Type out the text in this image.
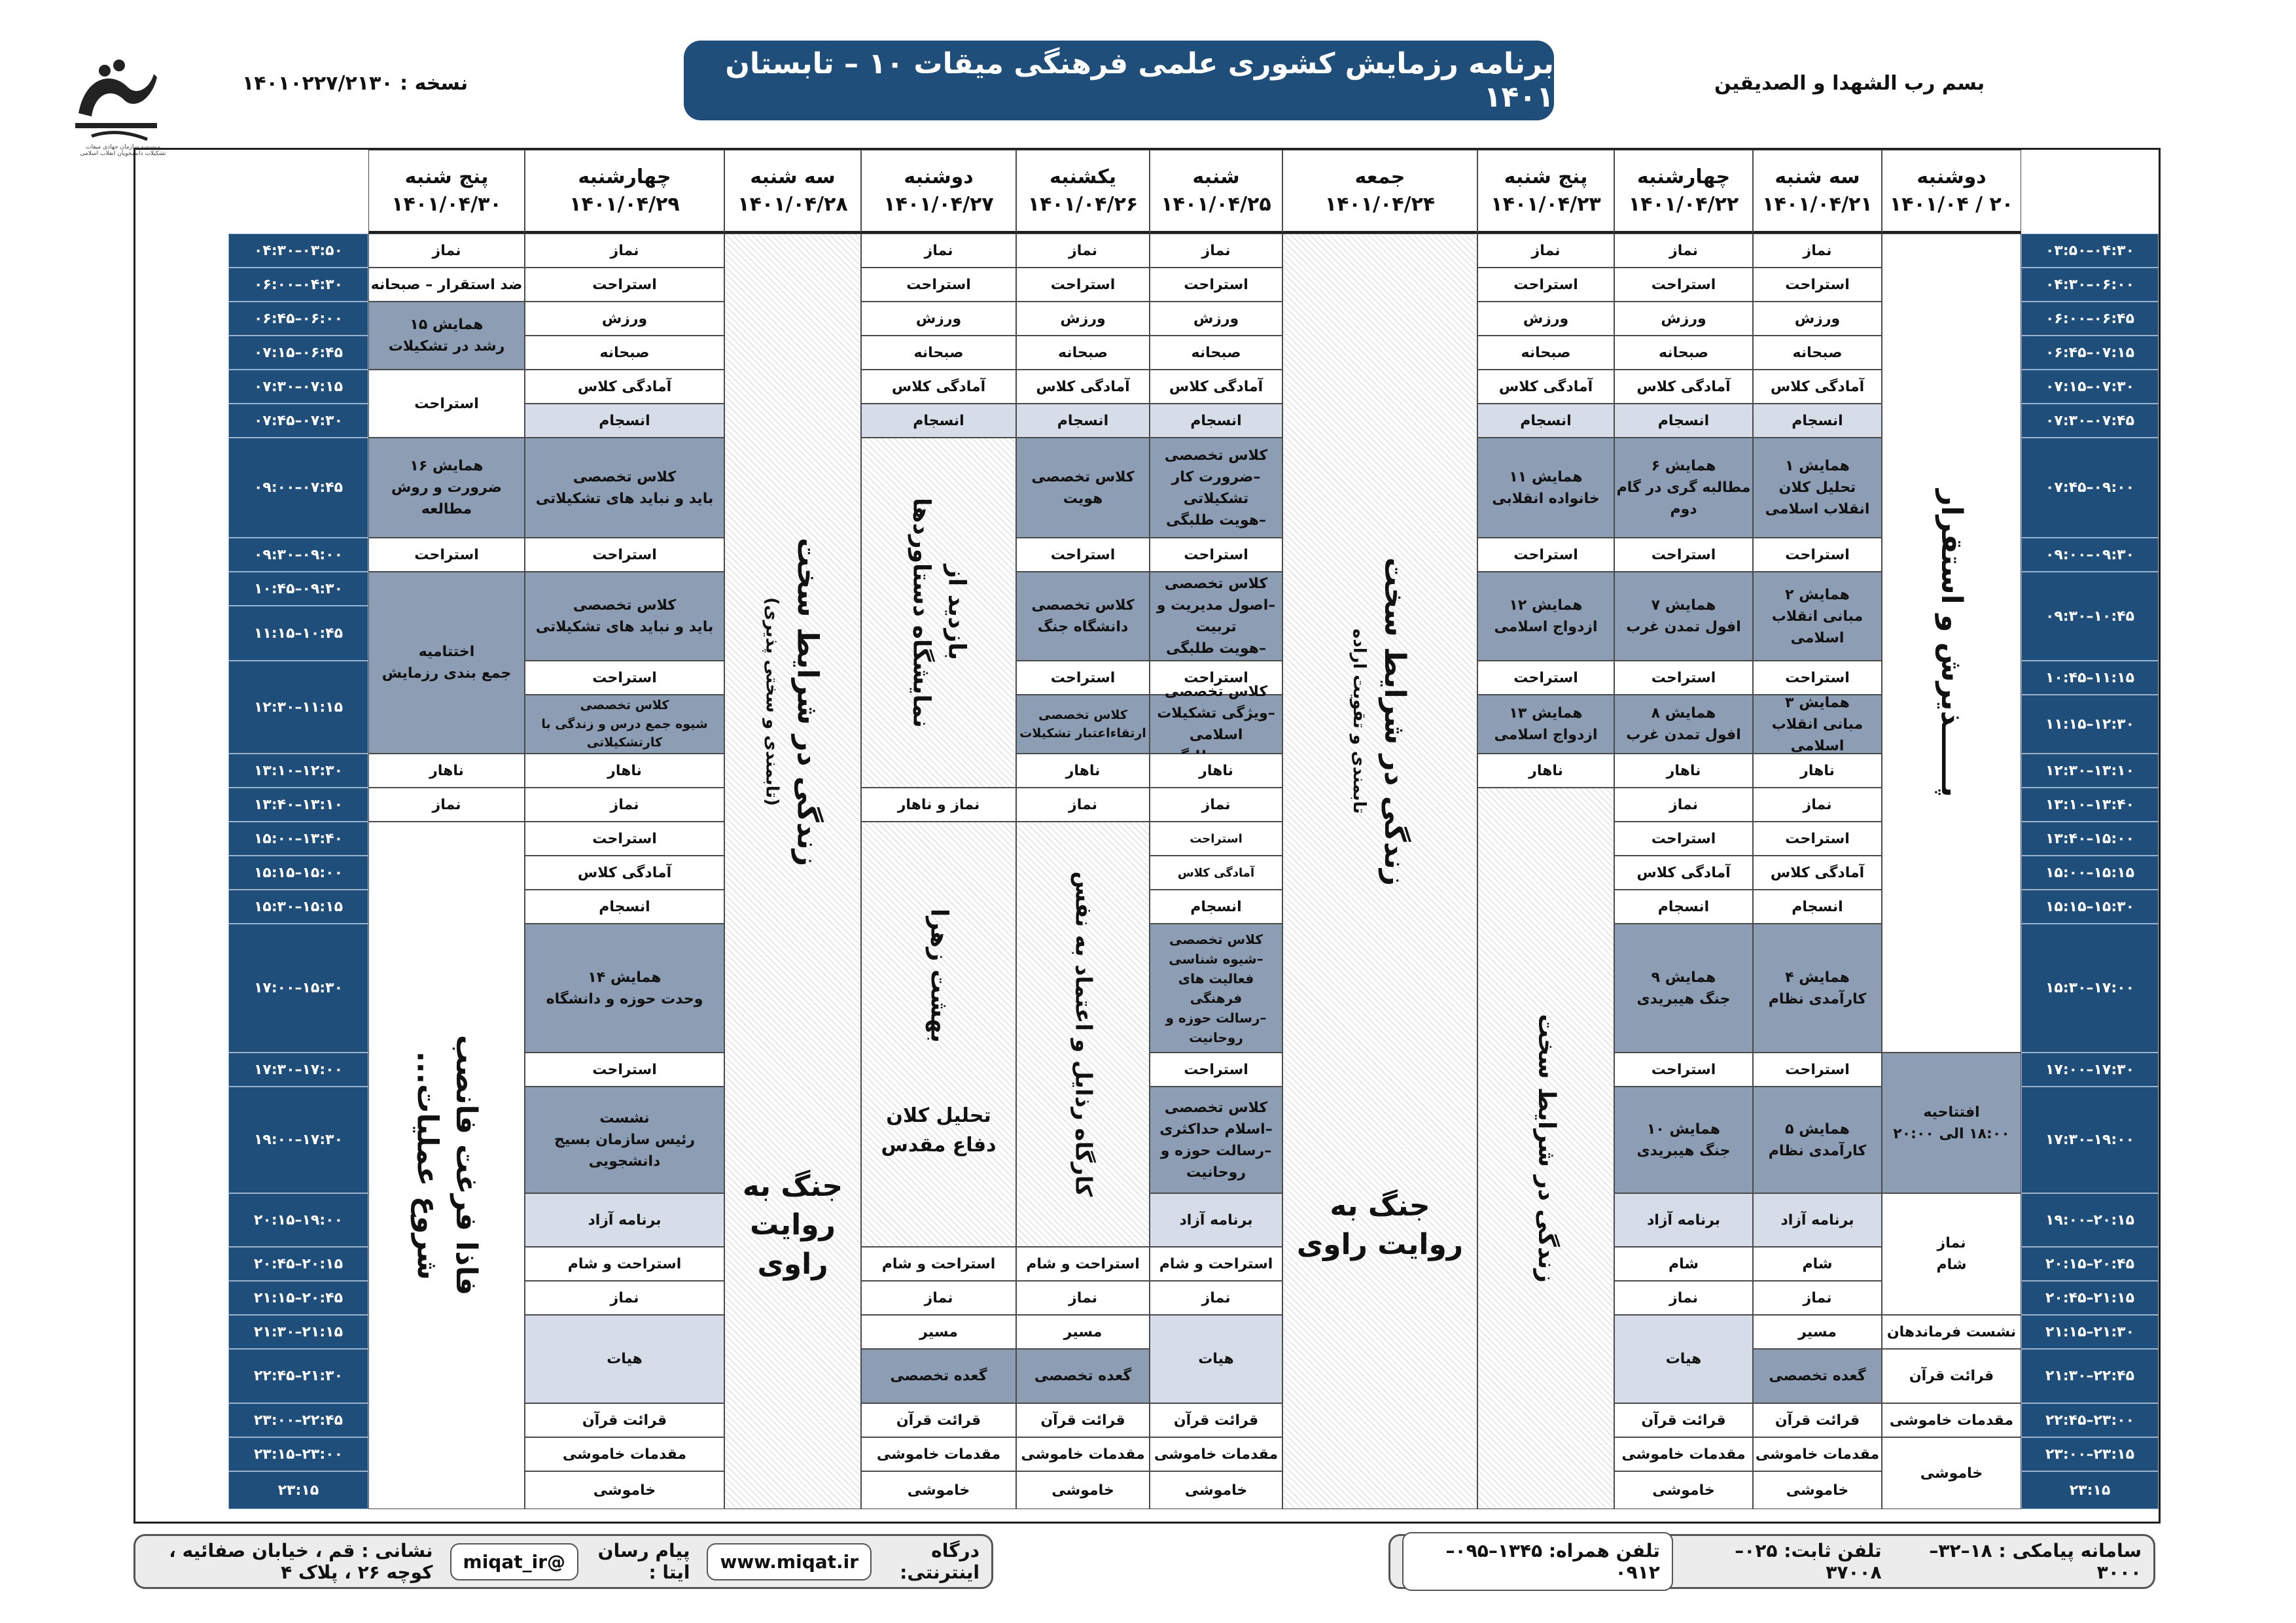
بسم رب الشهدا و الصدیقین
نسخه : ۱۴۰۱۰۲۲۷/۲۱۳۰
برنامه رزمایش کشوری علمی فرهنگی میقات ۱۰ – تابستان ۱۴۰۱
موسسه سازمان جهادی میقات
تشکیلات دانشجویان انقلاب اسلامی
دوشنبه
۲۰ / ۱۴۰۱/۰۴
سه شنبه
۱۴۰۱/۰۴/۲۱
چهارشنبه
۱۴۰۱/۰۴/۲۲
پنج شنبه
۱۴۰۱/۰۴/۲۳
جمعه
۱۴۰۱/۰۴/۲۴
شنبه
۱۴۰۱/۰۴/۲۵
یکشنبه
۱۴۰۱/۰۴/۲۶
دوشنبه
۱۴۰۱/۰۴/۲۷
سه شنبه
۱۴۰۱/۰۴/۲۸
چهارشنبه
۱۴۰۱/۰۴/۲۹
پنج شنبه
۱۴۰۱/۰۴/۳۰
۰۴:۳۰–۰۳:۵۰
۰۶:۰۰–۰۴:۳۰
۰۶:۴۵–۰۶:۰۰
۰۷:۱۵–۰۶:۴۵
۰۷:۳۰–۰۷:۱۵
۰۷:۴۵–۰۷:۳۰
۰۹:۰۰–۰۷:۴۵
۰۹:۳۰–۰۹:۰۰
۱۰:۴۵–۰۹:۳۰
۱۱:۱۵–۱۰:۴۵
۱۲:۳۰–۱۱:۱۵
۱۳:۱۰–۱۲:۳۰
۱۳:۴۰–۱۳:۱۰
۱۵:۰۰–۱۳:۴۰
۱۵:۱۵–۱۵:۰۰
۱۵:۳۰–۱۵:۱۵
۱۷:۰۰–۱۵:۳۰
۱۷:۳۰–۱۷:۰۰
۱۹:۰۰–۱۷:۳۰
۲۰:۱۵–۱۹:۰۰
۲۰:۴۵–۲۰:۱۵
۲۱:۱۵–۲۰:۴۵
۲۱:۳۰–۲۱:۱۵
۲۲:۴۵–۲۱:۳۰
۲۳:۰۰–۲۲:۴۵
۲۳:۱۵–۲۳:۰۰
۲۳:۱۵
۰۳:۵۰–۰۴:۳۰
۰۴:۳۰–۰۶:۰۰
۰۶:۰۰–۰۶:۴۵
۰۶:۴۵–۰۷:۱۵
۰۷:۱۵–۰۷:۳۰
۰۷:۳۰–۰۷:۴۵
۰۷:۴۵–۰۹:۰۰
۰۹:۰۰–۰۹:۳۰
۰۹:۳۰–۱۰:۴۵
۱۰:۴۵–۱۱:۱۵
۱۱:۱۵–۱۲:۳۰
۱۲:۳۰–۱۳:۱۰
۱۳:۱۰–۱۳:۴۰
۱۳:۴۰–۱۵:۰۰
۱۵:۰۰–۱۵:۱۵
۱۵:۱۵–۱۵:۳۰
۱۵:۳۰–۱۷:۰۰
۱۷:۰۰–۱۷:۳۰
۱۷:۳۰–۱۹:۰۰
۱۹:۰۰–۲۰:۱۵
۲۰:۱۵–۲۰:۴۵
۲۰:۴۵–۲۱:۱۵
۲۱:۱۵–۲۱:۳۰
۲۱:۳۰–۲۲:۴۵
۲۲:۴۵–۲۳:۰۰
۲۳:۰۰–۲۳:۱۵
۲۳:۱۵
پــــــذیرش و استقرار
افتتاحیه
۱۸:۰۰ الی ۲۰:۰۰
نماز
شام
نشست فرماندهان
قرائت قرآن
مقدمات خاموشی
خاموشی
نماز
استراحت
ورزش
صبحانه
آمادگی کلاس
انسجام
همایش ۱
تحلیل کلان انقلاب اسلامی
استراحت
همایش ۲
مبانی انقلاب اسلامی
استراحت
همایش ۳
مبانی انقلاب اسلامی
ناهار
نماز
استراحت
آمادگی کلاس
انسجام
همایش ۴
کارآمدی نظام
استراحت
همایش ۵
کارآمدی نظام
برنامه آزاد
شام
نماز
مسیر
گعده تخصصی
قرائت قرآن
مقدمات خاموشی
خاموشی
نماز
استراحت
ورزش
صبحانه
آمادگی کلاس
انسجام
همایش ۶
مطالبه گری در گام دوم
استراحت
همایش ۷
افول تمدن غرب
استراحت
همایش ۸
افول تمدن غرب
ناهار
نماز
استراحت
آمادگی کلاس
انسجام
همایش ۹
جنگ هیبریدی
استراحت
همایش ۱۰
جنگ هیبریدی
برنامه آزاد
شام
نماز
هیات
قرائت قرآن
مقدمات خاموشی
خاموشی
نماز
استراحت
ورزش
صبحانه
آمادگی کلاس
انسجام
همایش ۱۱
خانواده انقلابی
استراحت
همایش ۱۲
ازدواج اسلامی
استراحت
همایش ۱۳
ازدواج اسلامی
ناهار
زندگی در شرایط سخت
زندگی در شرایط سخت
تابمندی و تقویت اراده
جنگ به
روایت راوی
نماز
استراحت
ورزش
صبحانه
آمادگی کلاس
انسجام
کلاس تخصصی
–ضرورت کار تشکیلاتی
–هویت طلبگی
استراحت
کلاس تخصصی
–اصول مدیریت و تربیت
–هویت طلبگی
استراحت

–ویژگی تشکیلات اسلامی

ناهار
نماز
استراحت
آمادگی کلاس
انسجام
کلاس تخصصی
–شیوه شناسی فعالیت های فرهنگی
–رسالت حوزه و روحانیت
استراحت
کلاس تخصصی
–اسلام حداکثری
–رسالت حوزه و روحانیت
برنامه آزاد
استراحت و شام
نماز
هیات
قرائت قرآن
مقدمات خاموشی
خاموشی
نماز
استراحت
ورزش
صبحانه
آمادگی کلاس
انسجام
کلاس تخصصی
هویت
استراحت
کلاس تخصصی
دانشگاه جنگ
استراحت
کلاس تخصصی
ارتقاءاعتبار تشکیلات
ناهار
نماز
کارگاه رذایل و اعتماد به نفس
استراحت و شام
نماز
مسیر
گعده تخصصی
قرائت قرآن
مقدمات خاموشی
خاموشی
نماز
استراحت
ورزش
صبحانه
آمادگی کلاس
انسجام
بازدید از
نمایشگاه دستاوردها
نماز و ناهار
بهشت زهرا
تحلیل کلان
دفاع مقدس
استراحت و شام
نماز
مسیر
گعده تخصصی
قرائت قرآن
مقدمات خاموشی
خاموشی
زندگی در شرایط سخت
(تابمندی و سختی پذیری)
جنگ به
روایت راوی
نماز
استراحت
ورزش
صبحانه
آمادگی کلاس
انسجام
کلاس تخصصی
باید و نباید های تشکیلاتی
استراحت
کلاس تخصصی
باید و نباید های تشکیلاتی
استراحت
کلاس تخصصی
شیوه جمع درس و زندگی با کارتشکیلاتی
ناهار
نماز
استراحت
آمادگی کلاس
انسجام
همایش ۱۴
وحدت حوزه و دانشگاه
استراحت
نشست
رئیس سازمان بسیج دانشجویی
برنامه آزاد
استراحت و شام
نماز
هیات
قرائت قرآن
مقدمات خاموشی
خاموشی
نماز
ضد استقرار – صبحانه
همایش ۱۵
رشد در تشکیلات
استراحت
همایش ۱۶
ضرورت و روش مطالعه
استراحت
اختتامیه
جمع بندی رزمایش
ناهار
نماز
فاذا فرغت فانصب
شروع عملیات...
سامانه پیامکی : ۱۸–۳۲–۳۰۰۰
تلفن ثابت: ۰۲۵–۳۷۰۰۸
تلفن همراه: ۱۳۴۵–۰۹۵–۰۹۱۲
درگاه اینترنتی:
www.miqat.ir
پیام رسان ایتا :
@miqat_ir
نشانی : قم ، خیابان صفائیه ، کوچه ۲۶ ، پلاک ۴
